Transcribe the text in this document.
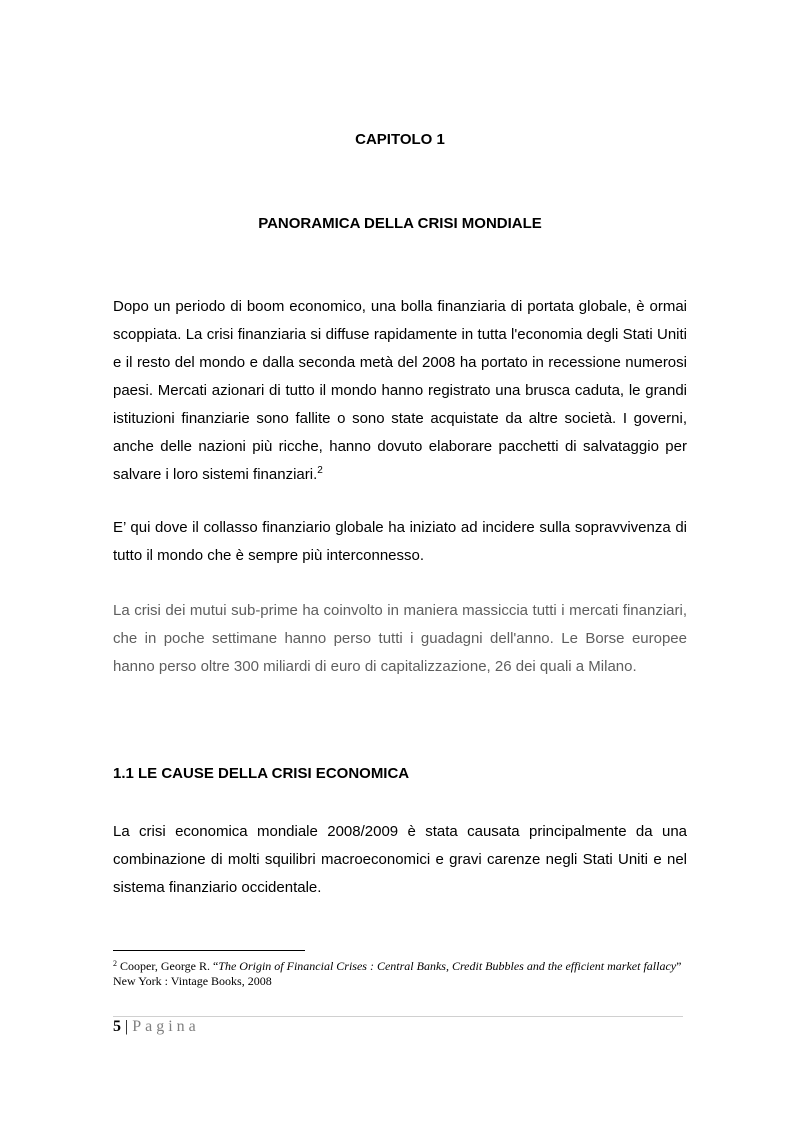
CAPITOLO 1
PANORAMICA DELLA CRISI MONDIALE

Dopo un periodo di boom economico, una bolla finanziaria di portata globale, è ormai scoppiata. La crisi finanziaria si diffuse rapidamente in tutta l'economia degli Stati Uniti e il resto del mondo e dalla seconda metà del 2008 ha portato in recessione numerosi paesi. Mercati azionari di tutto il mondo hanno registrato una brusca caduta, le grandi istituzioni finanziarie sono fallite o sono state acquistate da altre società. I governi, anche delle nazioni più ricche, hanno dovuto elaborare pacchetti di salvataggio per salvare i loro sistemi finanziari.$^2$

E’ qui dove il collasso finanziario globale ha iniziato ad incidere sulla sopravvivenza di tutto il mondo che è sempre più interconnesso.

La crisi dei mutui sub-prime ha coinvolto in maniera massiccia tutti i mercati finanziari, che in poche settimane hanno perso tutti i guadagni dell'anno. Le Borse europee hanno perso oltre 300 miliardi di euro di capitalizzazione, 26 dei quali a Milano.

1.1 LE CAUSE DELLA CRISI ECONOMICA

La crisi economica mondiale 2008/2009 è stata causata principalmente da una combinazione di molti squilibri macroeconomici e gravi carenze negli Stati Uniti e nel sistema finanziario occidentale.

$^2$ Cooper, George R. “The Origin of Financial Crises : Central Banks, Credit Bubbles and the efficient market fallacy” New York : Vintage Books, 2008

5 | Pagina
